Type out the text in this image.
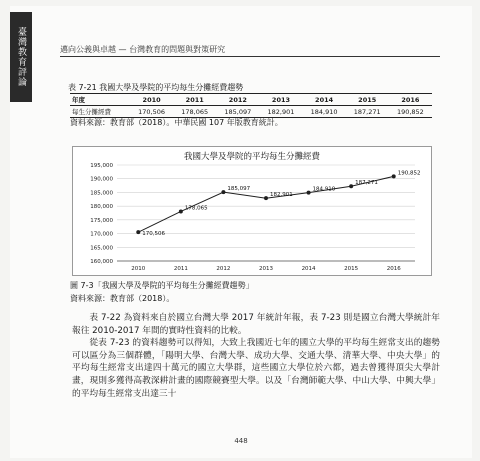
臺灣教育評論	邁向公義與卓越 — 台灣教育的問題與對策研究
表 7-21 我國大學及學院的平均每生分攤經費趨勢
年度	2010	2011	2012	2013	2014	2015	2016
每生分攤經費	170,506	178,065	185,097	182,901	184,910	187,271	190,852
資料來源：教育部（2018）。中華民國 107 年版教育統計。
我國大學及學院的平均每生分攤經費
160,000
165,000
170,000
175,000
180,000
185,000
190,000
195,000
2010	2011	2012	2013	2014	2015	2016
170,506
178,065
185,097
182,901
184,910
187,271
190,852
圖 7-3「我國大學及學院的平均每生分攤經費趨勢」
資料來源：教育部（2018）。

表 7-22 為資料來自於國立台灣大學 2017 年統計年報，表 7-23 則是國立台灣大學統計年報往 2010-2017 年間的實時性資料的比較。

從表 7-23 的資料趨勢可以得知，大致上我國近七年的國立大學的平均每生經常支出的趨勢可以區分為三個群體，「陽明大學、台灣大學、成功大學、交通大學、清華大學、中央大學」的平均每生經常支出達四十萬元的國立大學群，這些國立大學位於六都，過去曾獲得頂尖大學計畫，現則多獲得高教深耕計畫的國際競賽型大學。以及「台灣師範大學、中山大學、中興大學」的平均每生經常支出達三十

448
